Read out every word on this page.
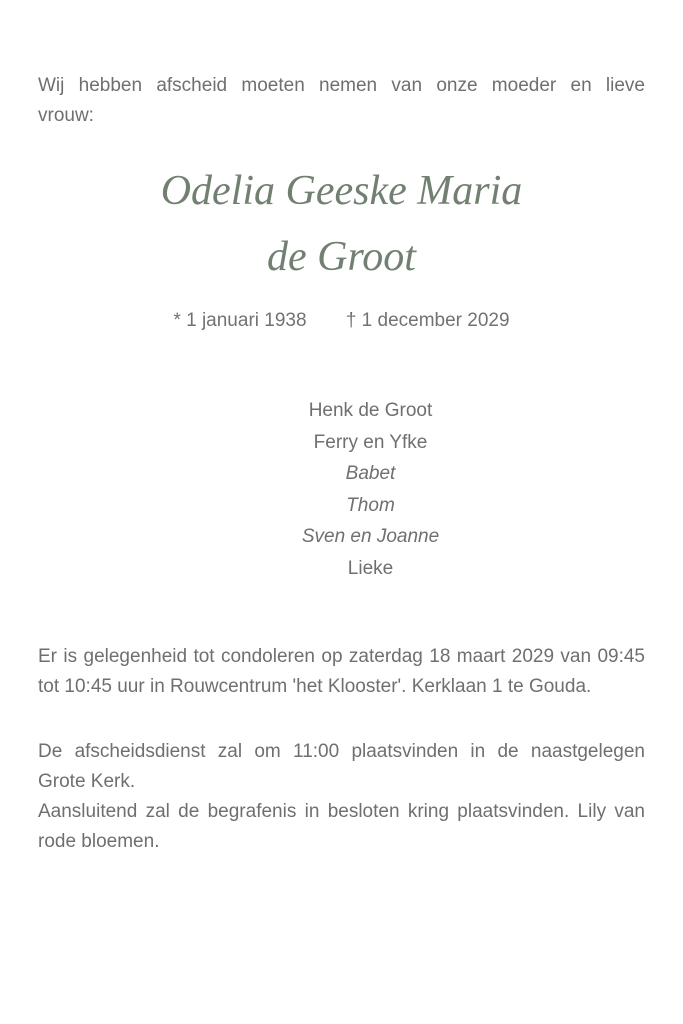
Wij hebben afscheid moeten nemen van onze moeder en lieve
vrouw:
Odelia Geeske Maria
de Groot
* 1 januari 1938 † 1 december 2029
Henk de Groot
Ferry en Yfke
Babet
Thom
Sven en Joanne
Lieke
Er is gelegenheid tot condoleren op zaterdag 18 maart 2029 van 09:45
tot 10:45 uur in Rouwcentrum 'het Klooster'. Kerklaan 1 te Gouda.
De afscheidsdienst zal om 11:00 plaatsvinden in de naastgelegen
Grote Kerk.
Aansluitend zal de begrafenis in besloten kring plaatsvinden. Lily van
rode bloemen.
